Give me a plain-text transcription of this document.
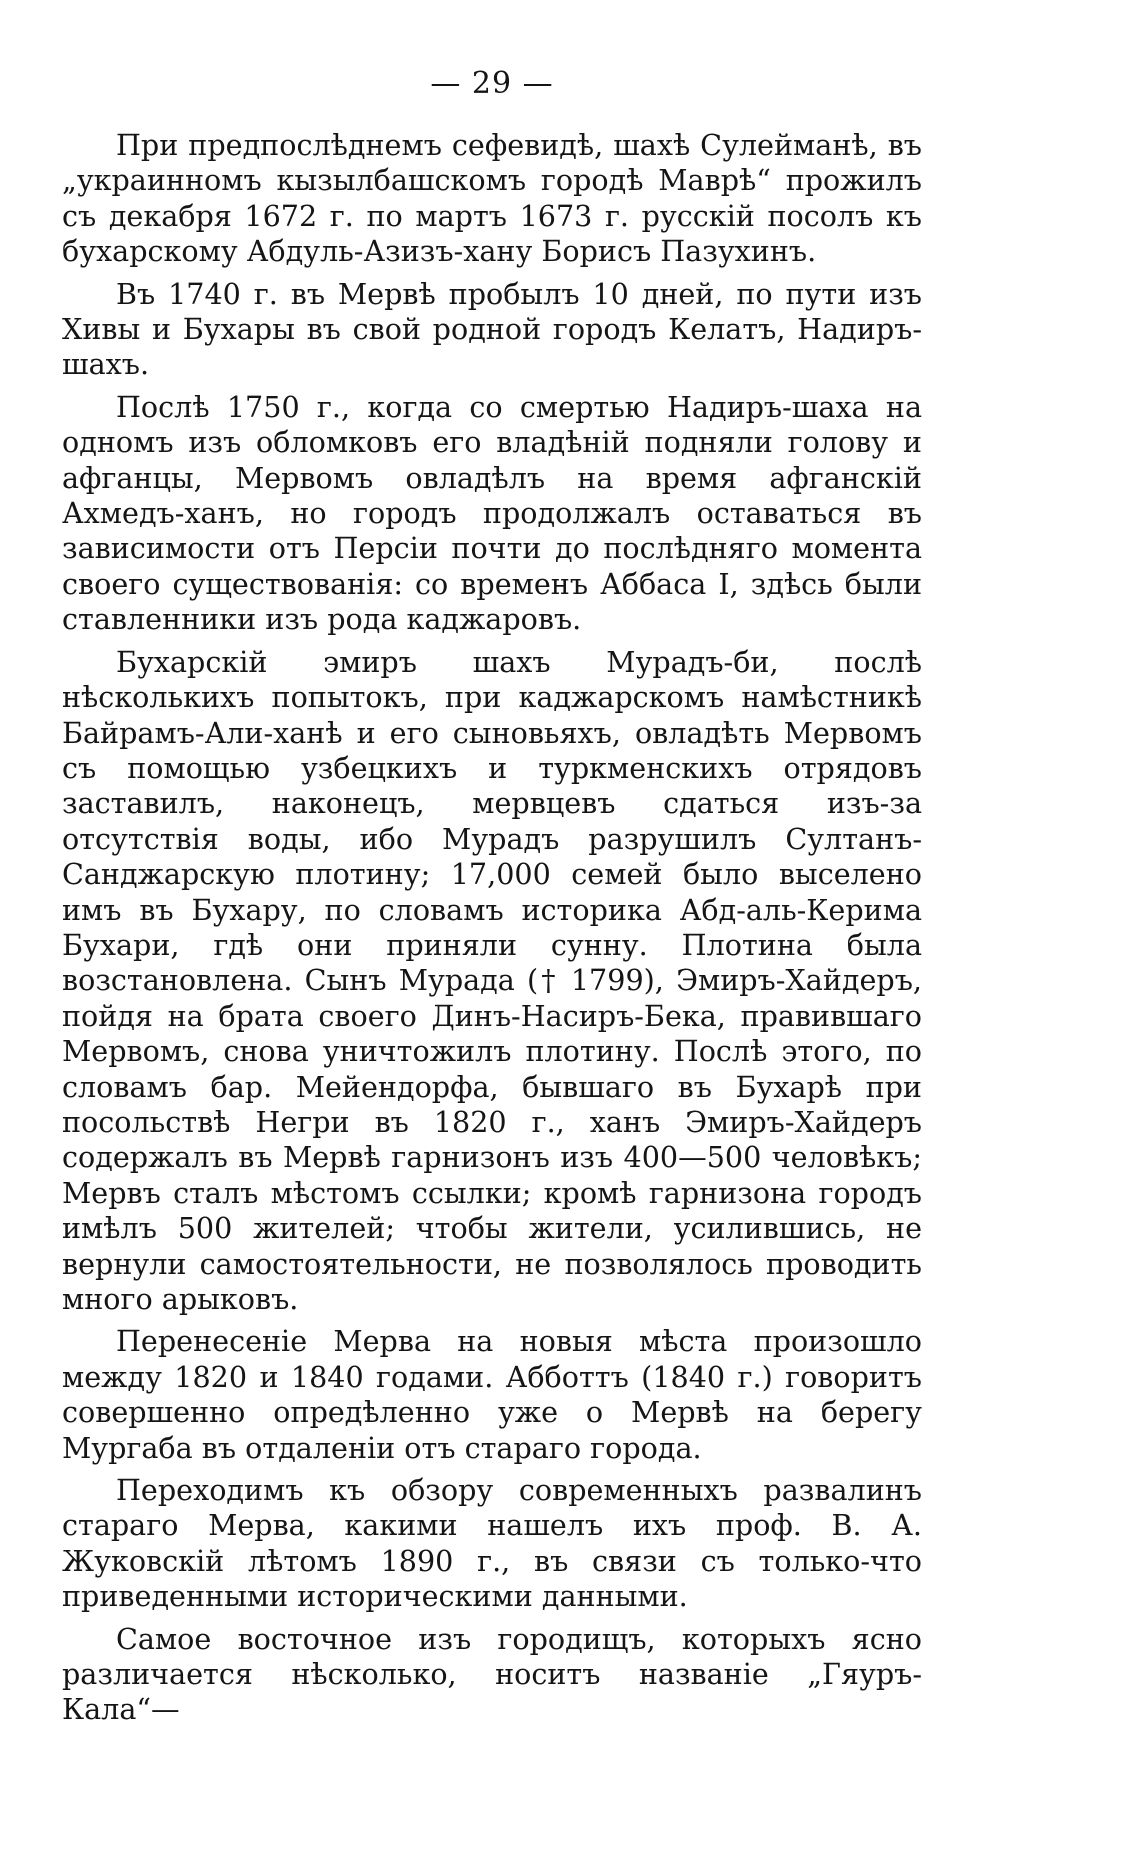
— 29 —

При предпослѣднемъ сефевидѣ, шахѣ Сулейманѣ, въ „украинномъ кызылбашскомъ городѣ Маврѣ“ прожилъ съ декабря 1672 г. по мартъ 1673 г. русскій посолъ къ бухарскому Абдуль-Азизъ-хану Борисъ Пазухинъ.

Въ 1740 г. въ Мервѣ пробылъ 10 дней, по пути изъ Хивы и Бухары въ свой родной городъ Келатъ, Надиръ-шахъ.

Послѣ 1750 г., когда со смертью Надиръ-шаха на одномъ изъ обломковъ его владѣній подняли голову и афганцы, Мервомъ овладѣлъ на время афганскій Ахмедъ-ханъ, но городъ продолжалъ оставаться въ зависимости отъ Персіи почти до послѣдняго момента своего существованія: со временъ Аббаса I, здѣсь были ставленники изъ рода каджаровъ.

Бухарскій эмиръ шахъ Мурадъ-би, послѣ нѣсколькихъ попытокъ, при каджарскомъ намѣстникѣ Байрамъ-Али-ханѣ и его сыновьяхъ, овладѣть Мервомъ съ помощью узбецкихъ и туркменскихъ отрядовъ заставилъ, наконецъ, мервцевъ сдаться изъ-за отсутствія воды, ибо Мурадъ разрушилъ Султанъ-Санджарскую плотину; 17,000 семей было выселено имъ въ Бухару, по словамъ историка Абд-аль-Керима Бухари, гдѣ они приняли сунну. Плотина была возстановлена. Сынъ Мурада († 1799), Эмиръ-Хайдеръ, пойдя на брата своего Динъ-Насиръ-Бека, правившаго Мервомъ, снова уничтожилъ плотину. Послѣ этого, по словамъ бар. Мейендорфа, бывшаго въ Бухарѣ при посольствѣ Негри въ 1820 г., ханъ Эмиръ-Хайдеръ содержалъ въ Мервѣ гарнизонъ изъ 400—500 человѣкъ; Мервъ сталъ мѣстомъ ссылки; кромѣ гарнизона городъ имѣлъ 500 жителей; чтобы жители, усилившись, не вернули самостоятельности, не позволялось проводить много арыковъ.

Перенесеніе Мерва на новыя мѣста произошло между 1820 и 1840 годами. Абботтъ (1840 г.) говоритъ совершенно опредѣленно уже о Мервѣ на берегу Мургаба въ отдаленіи отъ стараго города.

Переходимъ къ обзору современныхъ развалинъ стараго Мерва, какими нашелъ ихъ проф. В. А. Жуковскій лѣтомъ 1890 г., въ связи съ только-что приведенными историческими данными.

Самое восточное изъ городищъ, которыхъ ясно различается нѣсколько, носитъ названіе „Гяуръ-Кала“—
